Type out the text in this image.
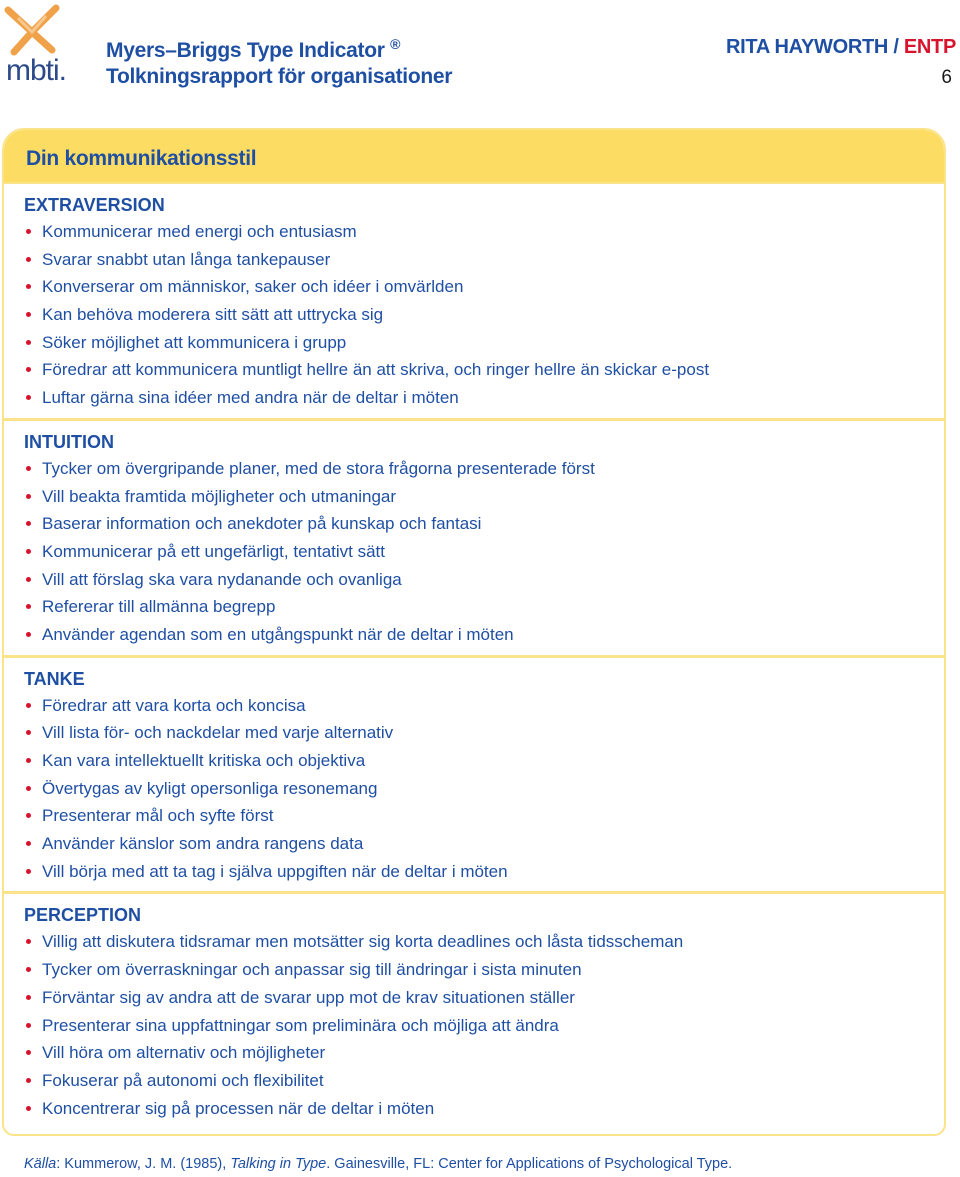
mbti.
Myers–Briggs Type Indicator ®
Tolkningsrapport för organisationer
RITA HAYWORTH / ENTP
6
Din kommunikationsstil
EXTRAVERSION
Kommunicerar med energi och entusiasm
Svarar snabbt utan långa tankepauser
Konverserar om människor, saker och idéer i omvärlden
Kan behöva moderera sitt sätt att uttrycka sig
Söker möjlighet att kommunicera i grupp
Föredrar att kommunicera muntligt hellre än att skriva, och ringer hellre än skickar e-post
Luftar gärna sina idéer med andra när de deltar i möten
INTUITION
Tycker om övergripande planer, med de stora frågorna presenterade först
Vill beakta framtida möjligheter och utmaningar
Baserar information och anekdoter på kunskap och fantasi
Kommunicerar på ett ungefärligt, tentativt sätt
Vill att förslag ska vara nydanande och ovanliga
Refererar till allmänna begrepp
Använder agendan som en utgångspunkt när de deltar i möten
TANKE
Föredrar att vara korta och koncisa
Vill lista för- och nackdelar med varje alternativ
Kan vara intellektuellt kritiska och objektiva
Övertygas av kyligt opersonliga resonemang
Presenterar mål och syfte först
Använder känslor som andra rangens data
Vill börja med att ta tag i själva uppgiften när de deltar i möten
PERCEPTION
Villig att diskutera tidsramar men motsätter sig korta deadlines och låsta tidsscheman
Tycker om överraskningar och anpassar sig till ändringar i sista minuten
Förväntar sig av andra att de svarar upp mot de krav situationen ställer
Presenterar sina uppfattningar som preliminära och möjliga att ändra
Vill höra om alternativ och möjligheter
Fokuserar på autonomi och flexibilitet
Koncentrerar sig på processen när de deltar i möten
Källa: Kummerow, J. M. (1985), Talking in Type. Gainesville, FL: Center for Applications of Psychological Type.
